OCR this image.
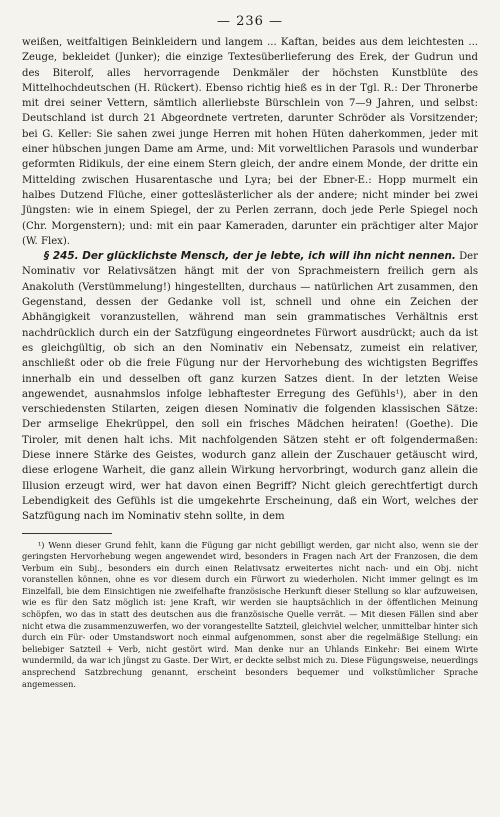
— 236 —

weißen, weitfaltigen Beinkleidern und langem ... Kaftan, beides aus dem leichtesten ... Zeuge, bekleidet (Junker); die einzige Textesüberlieferung des Erek, der Gudrun und des Biterolf, alles hervorragende Denkmäler der höchsten Kunstblüte des Mittelhochdeutschen (H. Rückert). Ebenso richtig hieß es in der Tgl. R.: Der Thronerbe mit drei seiner Vettern, sämtlich allerliebste Bürschlein von 7—9 Jahren, und selbst: Deutschland ist durch 21 Abgeordnete vertreten, darunter Schröder als Vorsitzender; bei G. Keller: Sie sahen zwei junge Herren mit hohen Hüten daherkommen, jeder mit einer hübschen jungen Dame am Arme, und: Mit vorweltlichen Parasols und wunderbar geformten Ridikuls, der eine einem Stern gleich, der andre einem Monde, der dritte ein Mittelding zwischen Husarentasche und Lyra; bei der Ebner-E.: Hopp murmelt ein halbes Dutzend Flüche, einer gotteslästerlicher als der andere; nicht minder bei zwei Jüngsten: wie in einem Spiegel, der zu Perlen zerrann, doch jede Perle Spiegel noch (Chr. Morgenstern); und: mit ein paar Kameraden, darunter ein prächtiger alter Major (W. Flex).

§ 245. Der glücklichste Mensch, der je lebte, ich will ihn nicht nennen. Der Nominativ vor Relativsätzen hängt mit der von Sprachmeistern freilich gern als Anakoluth (Verstümmelung!) hingestellten, durchaus — natürlichen Art zusammen, den Gegenstand, dessen der Gedanke voll ist, schnell und ohne ein Zeichen der Abhängigkeit voranzustellen, während man sein grammatisches Verhältnis erst nachdrücklich durch ein der Satzfügung eingeordnetes Fürwort ausdrückt; auch da ist es gleichgültig, ob sich an den Nominativ ein Nebensatz, zumeist ein relativer, anschließt oder ob die freie Fügung nur der Hervorhebung des wichtigsten Begriffes innerhalb ein und desselben oft ganz kurzen Satzes dient. In der letzten Weise angewendet, ausnahmslos infolge lebhaftester Erregung des Gefühls¹), aber in den verschiedensten Stilarten, zeigen diesen Nominativ die folgenden klassischen Sätze: Der armselige Ehekrüppel, den soll ein frisches Mädchen heiraten! (Goethe). Die Tiroler, mit denen halt ichs. Mit nachfolgenden Sätzen steht er oft folgendermaßen: Diese innere Stärke des Geistes, wodurch ganz allein der Zuschauer getäuscht wird, diese erlogene Warheit, die ganz allein Wirkung hervorbringt, wodurch ganz allein die Illusion erzeugt wird, wer hat davon einen Begriff? Nicht gleich gerechtfertigt durch Lebendigkeit des Gefühls ist die umgekehrte Erscheinung, daß ein Wort, welches der Satzfügung nach im Nominativ stehn sollte, in dem

¹) Wenn dieser Grund fehlt, kann die Fügung gar nicht gebilligt werden, gar nicht also, wenn sie der geringsten Hervorhebung wegen angewendet wird, besonders in Fragen nach Art der Franzosen, die dem Verbum ein Subj., besonders ein durch einen Relativsatz erweitertes nicht nach- und ein Obj. nicht voranstellen können, ohne es vor diesem durch ein Fürwort zu wiederholen. Nicht immer gelingt es im Einzelfall, bie dem Einsichtigen nie zweifelhafte französische Herkunft dieser Stellung so klar aufzuweisen, wie es für den Satz möglich ist: jene Kraft, wir werden sie hauptsächlich in der öffentlichen Meinung schöpfen, wo das in statt des deutschen aus die französische Quelle verrät. — Mit diesen Fällen sind aber nicht etwa die zusammenzuwerfen, wo der vorangestellte Satzteil, gleichviel welcher, unmittelbar hinter sich durch ein Für- oder Umstandswort noch einmal aufgenommen, sonst aber die regelmäßige Stellung: ein beliebiger Satzteil + Verb, nicht gestört wird. Man denke nur an Uhlands Einkehr: Bei einem Wirte wundermild, da war ich jüngst zu Gaste. Der Wirt, er deckte selbst mich zu. Diese Fügungsweise, neuerdings ansprechend Satzbrechung genannt, erscheint besonders bequemer und volkstümlicher Sprache angemessen.
